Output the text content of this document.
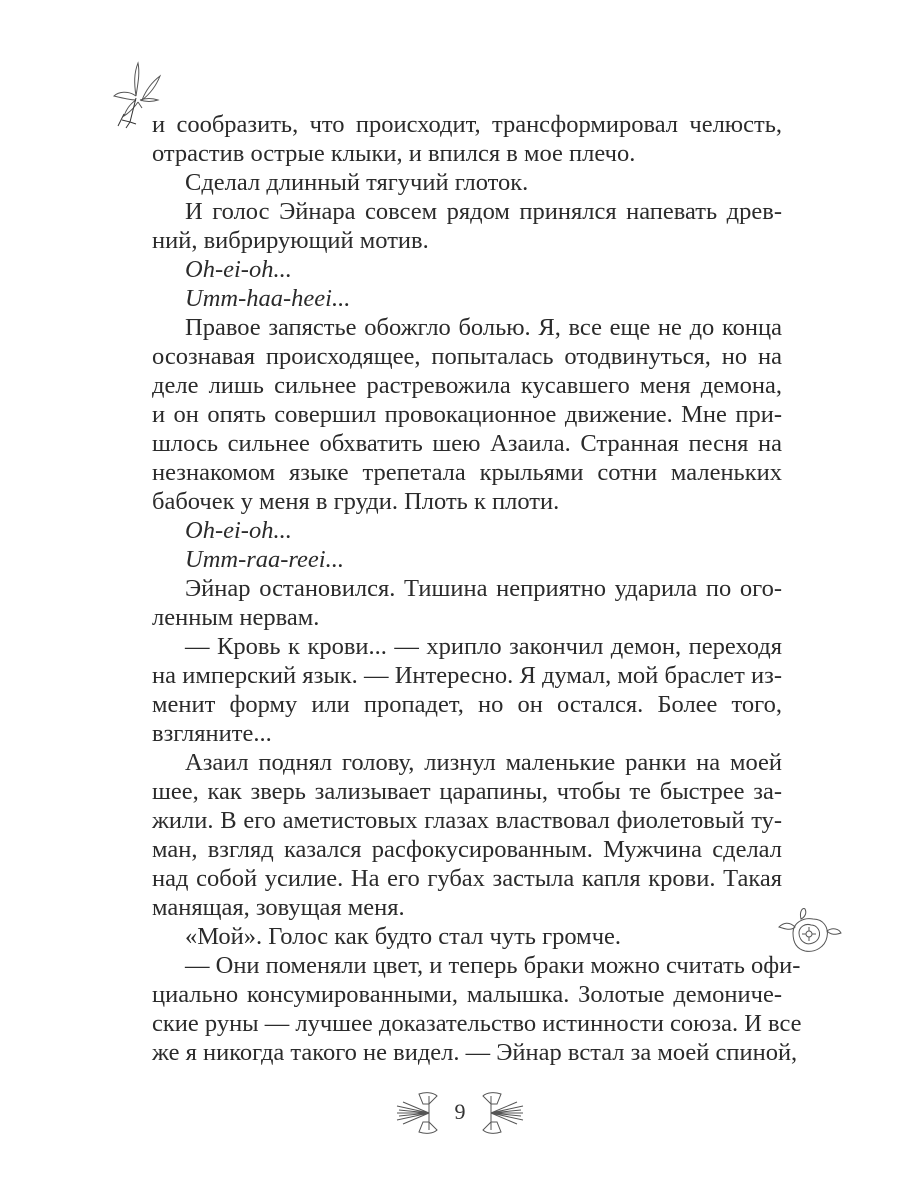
и сообразить, что происходит, трансформировал челюсть,
отрастив острые клыки, и впился в мое плечо.
Сделал длинный тягучий глоток.
И голос Эйнара совсем рядом принялся напевать древ-
ний, вибрирующий мотив.
Oh-ei-oh...
Umm-haa-heei...
Правое запястье обожгло болью. Я, все еще не до конца
осознавая происходящее, попыталась отодвинуться, но на
деле лишь сильнее растревожила кусавшего меня демона,
и он опять совершил провокационное движение. Мне при-
шлось сильнее обхватить шею Азаила. Странная песня на
незнакомом языке трепетала крыльями сотни маленьких
бабочек у меня в груди. Плоть к плоти.
Oh-ei-oh...
Umm-raa-reei...
Эйнар остановился. Тишина неприятно ударила по ого-
ленным нервам.
— Кровь к крови... — хрипло закончил демон, переходя
на имперский язык. — Интересно. Я думал, мой браслет из-
менит форму или пропадет, но он остался. Более того,
взгляните...
Азаил поднял голову, лизнул маленькие ранки на моей
шее, как зверь зализывает царапины, чтобы те быстрее за-
жили. В его аметистовых глазах властвовал фиолетовый ту-
ман, взгляд казался расфокусированным. Мужчина сделал
над собой усилие. На его губах застыла капля крови. Такая
манящая, зовущая меня.
«Мой». Голос как будто стал чуть громче.
— Они поменяли цвет, и теперь браки можно считать офи-
циально консумированными, малышка. Золотые демониче-
ские руны — лучшее доказательство истинности союза. И все
же я никогда такого не видел. — Эйнар встал за моей спиной,
9
